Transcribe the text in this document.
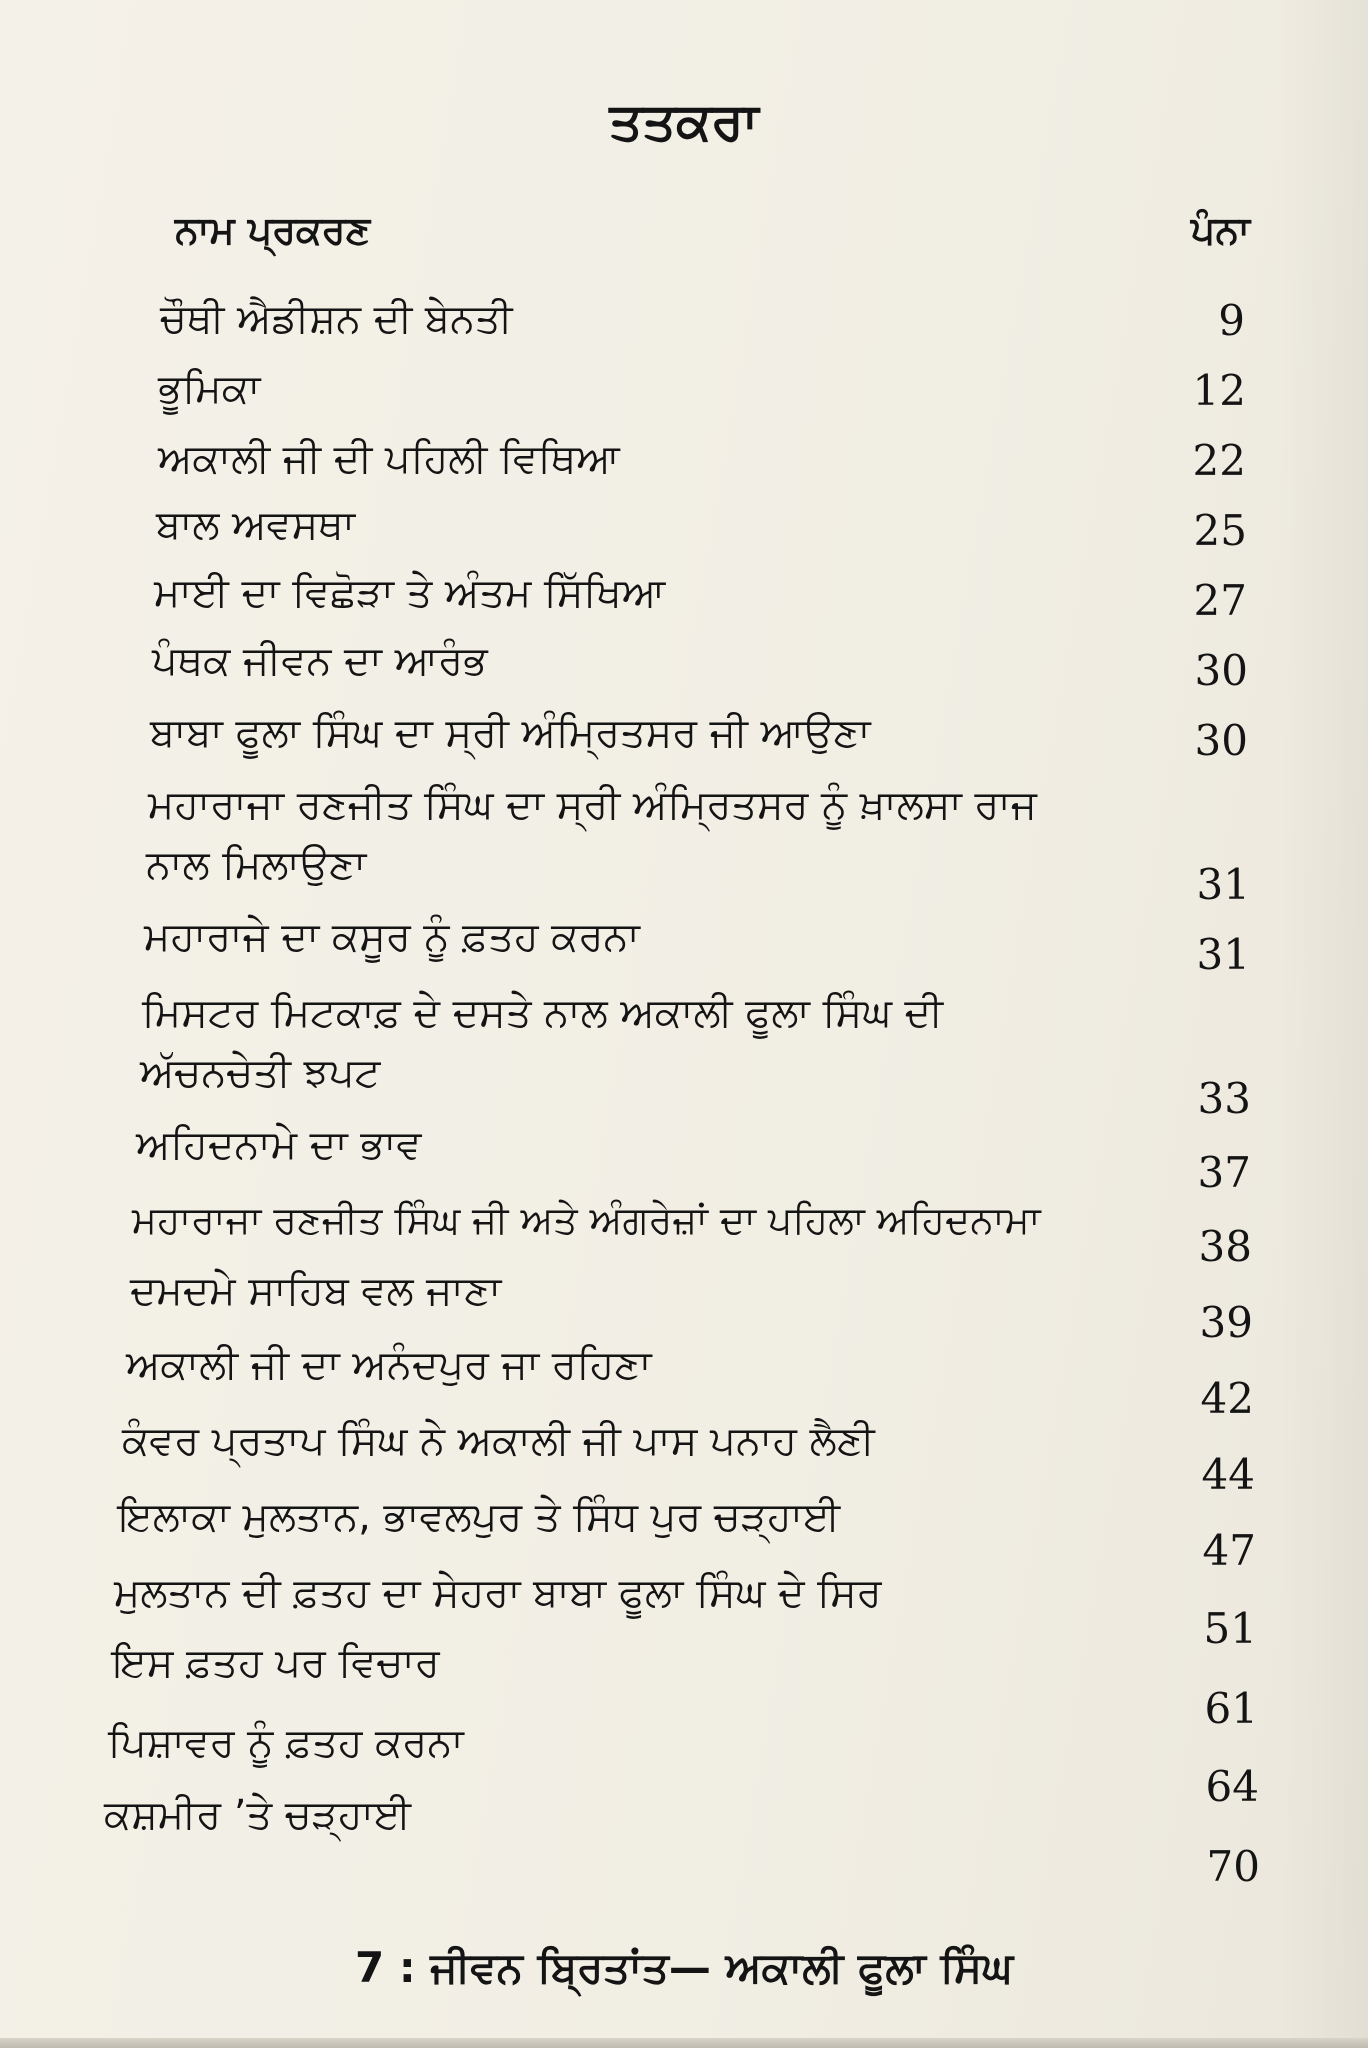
ਤਤਕਰਾ
ਨਾਮ ਪ੍ਰਕਰਣ	ਪੰਨਾ
ਚੌਥੀ ਐਡੀਸ਼ਨ ਦੀ ਬੇਨਤੀ
ਭੂਮਿਕਾ
ਅਕਾਲੀ ਜੀ ਦੀ ਪਹਿਲੀ ਵਿਥਿਆ
ਬਾਲ ਅਵਸਥਾ
ਮਾਈ ਦਾ ਵਿਛੋੜਾ ਤੇ ਅੰਤਮ ਸਿੱਖਿਆ
ਪੰਥਕ ਜੀਵਨ ਦਾ ਆਰੰਭ
ਬਾਬਾ ਫੂਲਾ ਸਿੰਘ ਦਾ ਸ੍ਰੀ ਅੰਮ੍ਰਿਤਸਰ ਜੀ ਆਉਣਾ
ਮਹਾਰਾਜਾ ਰਣਜੀਤ ਸਿੰਘ ਦਾ ਸ੍ਰੀ ਅੰਮ੍ਰਿਤਸਰ ਨੂੰ ਖ਼ਾਲਸਾ ਰਾਜ
ਨਾਲ ਮਿਲਾਉਣਾ
ਮਹਾਰਾਜੇ ਦਾ ਕਸੂਰ ਨੂੰ ਫ਼ਤਹ ਕਰਨਾ
ਮਿਸਟਰ ਮਿਟਕਾਫ਼ ਦੇ ਦਸਤੇ ਨਾਲ ਅਕਾਲੀ ਫੂਲਾ ਸਿੰਘ ਦੀ
ਅੱਚਨਚੇਤੀ ਝਪਟ
ਅਹਿਦਨਾਮੇ ਦਾ ਭਾਵ
ਮਹਾਰਾਜਾ ਰਣਜੀਤ ਸਿੰਘ ਜੀ ਅਤੇ ਅੰਗਰੇਜ਼ਾਂ ਦਾ ਪਹਿਲਾ ਅਹਿਦਨਾਮਾ
ਦਮਦਮੇ ਸਾਹਿਬ ਵਲ ਜਾਣਾ
ਅਕਾਲੀ ਜੀ ਦਾ ਅਨੰਦਪੁਰ ਜਾ ਰਹਿਣਾ
ਕੰਵਰ ਪ੍ਰਤਾਪ ਸਿੰਘ ਨੇ ਅਕਾਲੀ ਜੀ ਪਾਸ ਪਨਾਹ ਲੈਣੀ
ਇਲਾਕਾ ਮੁਲਤਾਨ, ਭਾਵਲਪੁਰ ਤੇ ਸਿੰਧ ਪੁਰ ਚੜ੍ਹਾਈ
ਮੁਲਤਾਨ ਦੀ ਫ਼ਤਹ ਦਾ ਸੇਹਰਾ ਬਾਬਾ ਫੂਲਾ ਸਿੰਘ ਦੇ ਸਿਰ
ਇਸ ਫ਼ਤਹ ਪਰ ਵਿਚਾਰ
ਪਿਸ਼ਾਵਰ ਨੂੰ ਫ਼ਤਹ ਕਰਨਾ
ਕਸ਼ਮੀਰ ’ਤੇ ਚੜ੍ਹਾਈ
9
12
22
25
27
30
30
31
31
33
37
38
39
42
44
47
51
61
64
70
7 : ਜੀਵਨ ਬ੍ਰਿਤਾਂਤ— ਅਕਾਲੀ ਫੂਲਾ ਸਿੰਘ
